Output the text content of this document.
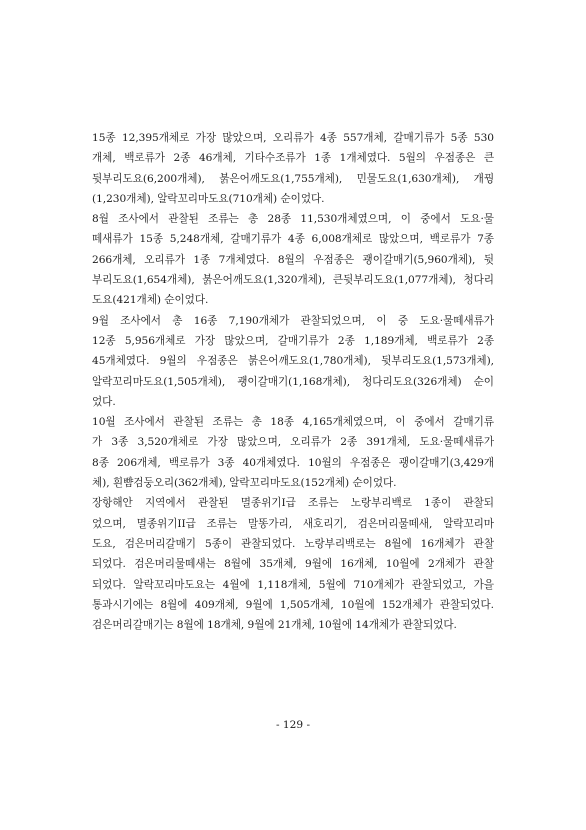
15종 12,395개체로 가장 많았으며, 오리류가 4종 557개체, 갈매기류가 5종 530
개체, 백로류가 2종 46개체, 기타수조류가 1종 1개체였다. 5월의 우점종은 큰
뒷부리도요(6,200개체), 붉은어깨도요(1,755개체), 민물도요(1,630개체), 개꿩
(1,230개체), 알락꼬리마도요(710개체) 순이었다.
8월 조사에서 관찰된 조류는 총 28종 11,530개체였으며, 이 중에서 도요·물
떼새류가 15종 5,248개체, 갈매기류가 4종 6,008개체로 많았으며, 백로류가 7종
266개체, 오리류가 1종 7개체였다. 8월의 우점종은 괭이갈매기(5,960개체), 뒷
부리도요(1,654개체), 붉은어깨도요(1,320개체), 큰뒷부리도요(1,077개체), 청다리
도요(421개체) 순이었다.
9월 조사에서 총 16종 7,190개체가 관찰되었으며, 이 중 도요·물떼새류가
12종 5,956개체로 가장 많았으며, 갈매기류가 2종 1,189개체, 백로류가 2종
45개체였다. 9월의 우점종은 붉은어깨도요(1,780개체), 뒷부리도요(1,573개체),
알락꼬리마도요(1,505개체), 괭이갈매기(1,168개체), 청다리도요(326개체) 순이
었다.
10월 조사에서 관찰된 조류는 총 18종 4,165개체였으며, 이 중에서 갈매기류
가 3종 3,520개체로 가장 많았으며, 오리류가 2종 391개체, 도요·물떼새류가
8종 206개체, 백로류가 3종 40개체였다. 10월의 우점종은 괭이갈매기(3,429개
체), 흰뺨검둥오리(362개체), 알락꼬리마도요(152개체) 순이었다.
장항해안 지역에서 관찰된 멸종위기I급 조류는 노랑부리백로 1종이 관찰되
었으며, 멸종위기II급 조류는 말똥가리, 새호리기, 검은머리물떼새, 알락꼬리마
도요, 검은머리갈매기 5종이 관찰되었다. 노랑부리백로는 8월에 16개체가 관찰
되었다. 검은머리물떼새는 8월에 35개체, 9월에 16개체, 10월에 2개체가 관찰
되었다. 알락꼬리마도요는 4월에 1,118개체, 5월에 710개체가 관찰되었고, 가을
통과시기에는 8월에 409개체, 9월에 1,505개체, 10월에 152개체가 관찰되었다.
검은머리갈매기는 8월에 18개체, 9월에 21개체, 10월에 14개체가 관찰되었다.
- 129 -
